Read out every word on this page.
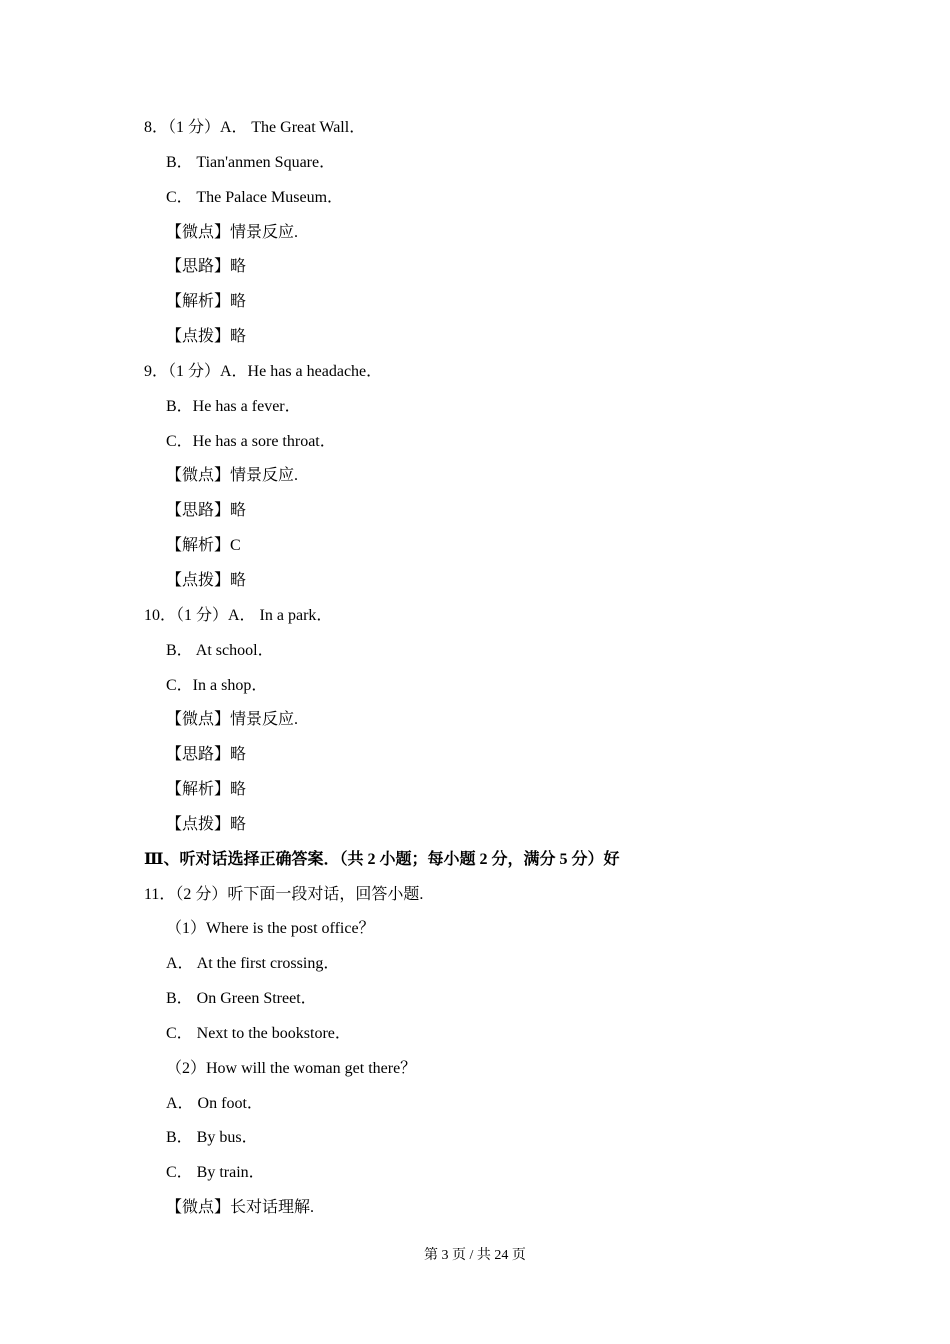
8．（1 分）A． The Great Wall．
B． Tian'anmen Square．
C． The Palace Museum．
【微点】情景反应.
【思路】略
【解析】略
【点拨】略
9．（1 分）A．He has a headache．
B．He has a fever．
C．He has a sore throat．
【微点】情景反应.
【思路】略
【解析】C
【点拨】略
10．（1 分）A． In a park．
B． At school．
C．In a shop．
【微点】情景反应.
【思路】略
【解析】略
【点拨】略
Ⅲ、听对话选择正确答案．（共 2 小题；每小题 2 分，满分 5 分）好
11．（2 分）听下面一段对话，回答小题.
（1）Where is the post office？
A． At the first crossing．
B． On Green Street．
C． Next to the bookstore．
（2）How will the woman get there？
A． On foot．
B． By bus．
C． By train．
【微点】长对话理解.
第 3 页 / 共 24 页
